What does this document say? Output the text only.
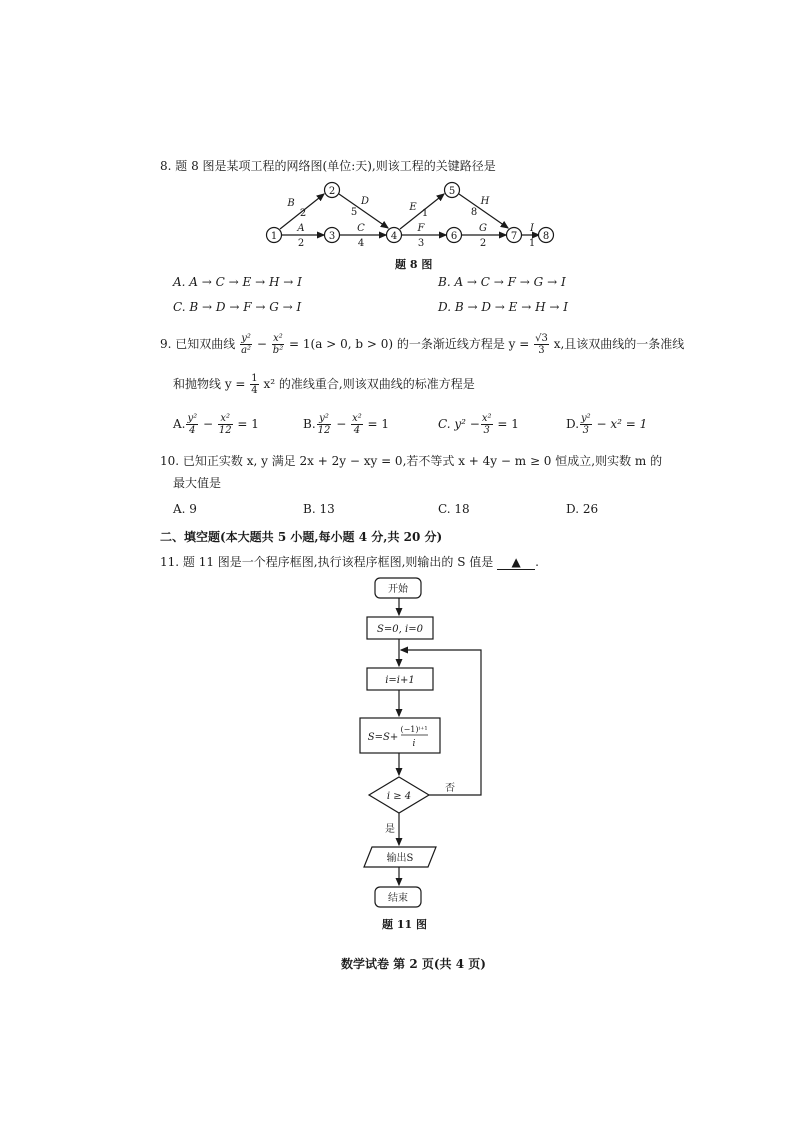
8. 题 8 图是某项工程的网络图(单位:天),则该工程的关键路径是
1
2
3	4
5
6	7	8
B
2
D
5
A
2
C
4
E
1
H
8
F
3
G
2
I
1
题 8 图
A. A → C → E → H → I	B. A → C → F → G → I
C. B → D → F → G → I	D. B → D → E → H → I
9. 已知双曲线 $\frac{\text{y²}}{\text{a²}} - \frac{\text{x²}}{\text{b²}} = 1(a > 0$, b > 0) 的一条渐近线方程是 $y = \frac{√3}{3} x$,且该双曲线的一条准线
和抛物线 $y = \frac{1}{4} x^2$ 的准线重合,则该双曲线的标准方程是
A. $\frac{\text{y²}}{4} - \frac{\text{x²}}{12} = 1$	B. $\frac{\text{y²}}{12} - \frac{\text{x²}}{4} = 1$	C. $y^2 - \frac{\text{x²}}{3} = 1$	D. $\frac{\text{y²}}{3} - x^2 = 1$
10. 已知正实数 x, y 满足 2x + 2y − xy = 0,若不等式 x + 4y − m ≥ 0 恒成立,则实数 m 的
最大值是
A. 9	B. 13	C. 18	D. 26
二、填空题(本大题共 5 小题,每小题 4 分,共 20 分)
11. 题 11 图是一个程序框图,执行该程序框图,则输出的 S 值是 ▲ .
开始
S=0, i=0
i=i+1
S=S+
(−1)ⁱ⁺¹
i
i ≥ 4
否
是
输出S
结束
题 11 图
数学试卷 第 2 页(共 4 页)
